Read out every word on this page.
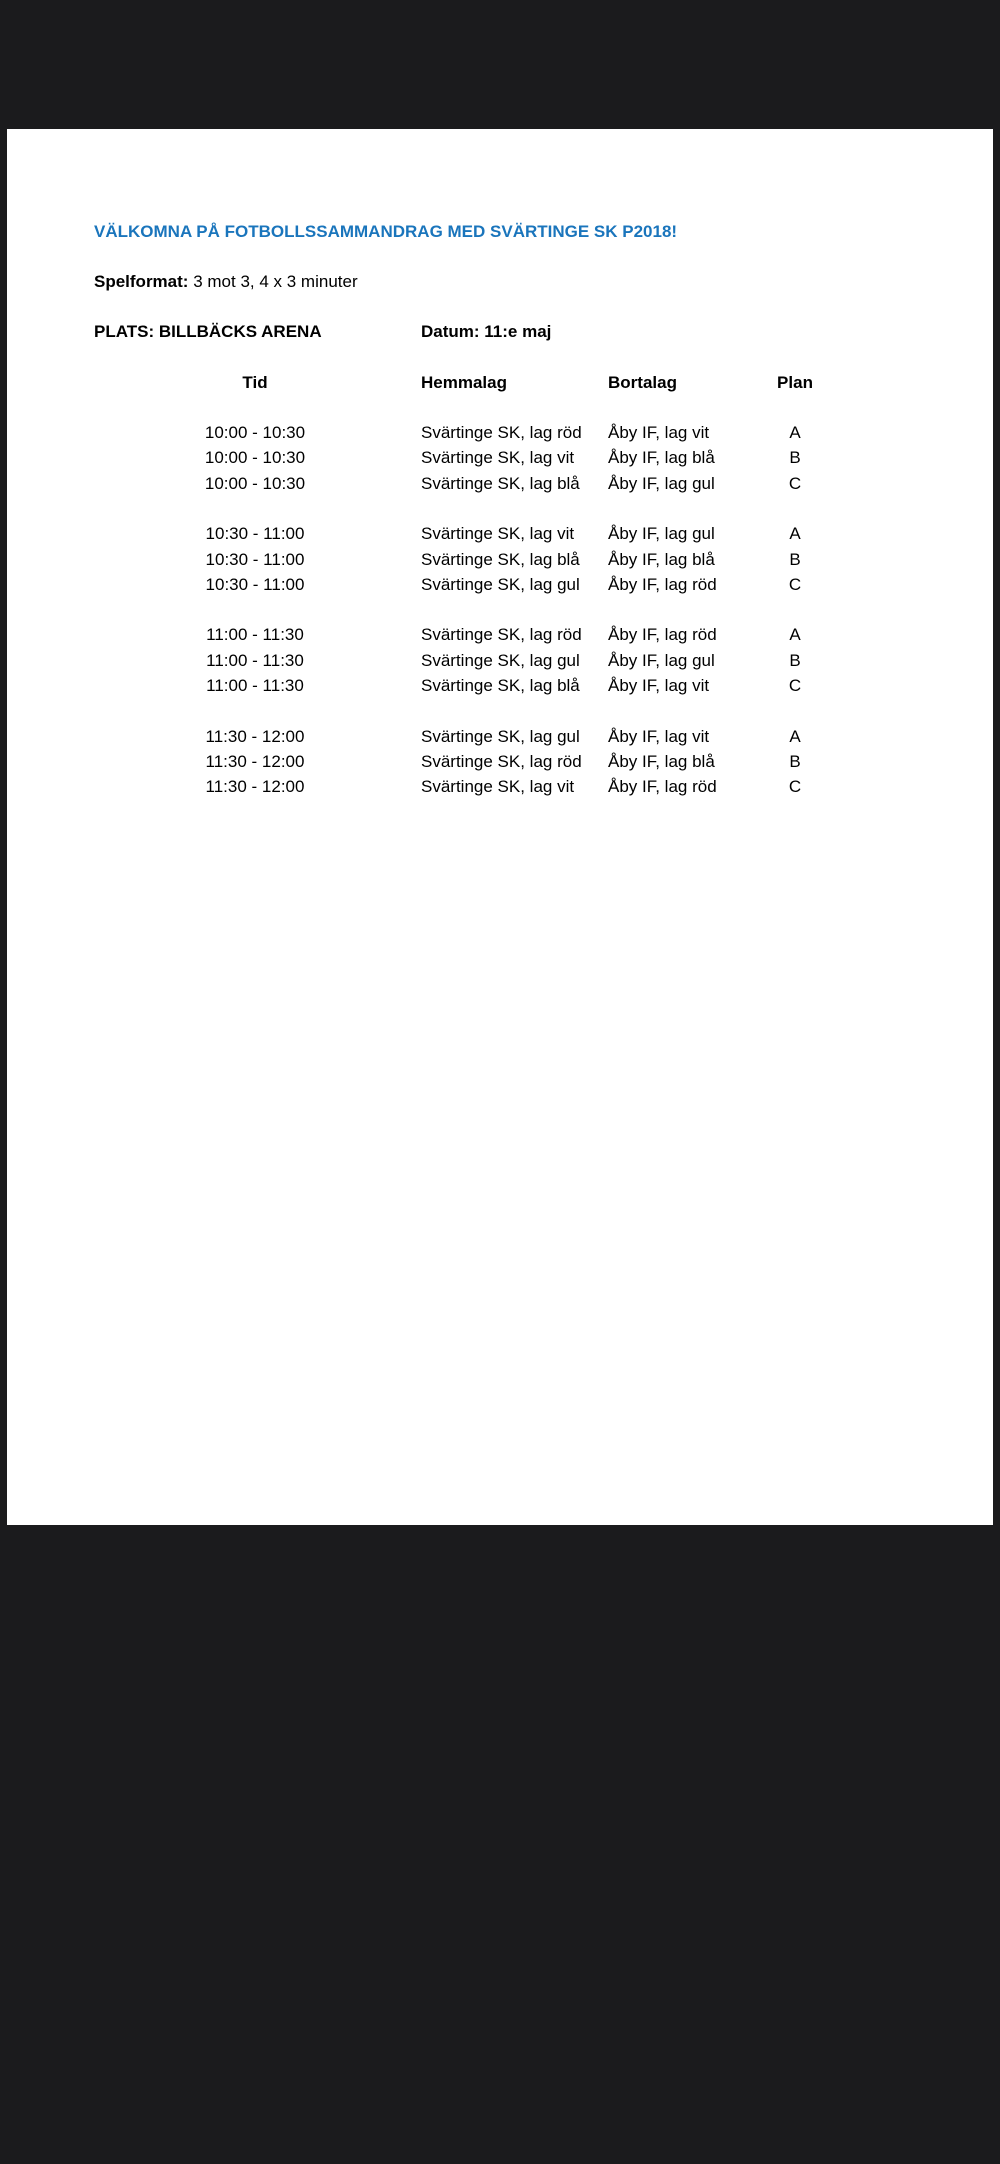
VÄLKOMNA PÅ FOTBOLLSSAMMANDRAG MED SVÄRTINGE SK P2018!
Spelformat: 3 mot 3, 4 x 3 minuter
PLATS: BILLBÄCKS ARENA	Datum: 11:e maj
Tid	Hemmalag	Bortalag	Plan
10:00 - 10:30	Svärtinge SK, lag röd Åby IF, lag vit	A
10:00 - 10:30	Svärtinge SK, lag vit Åby IF, lag blå	B
10:00 - 10:30	Svärtinge SK, lag blå Åby IF, lag gul	C
10:30 - 11:00	Svärtinge SK, lag vit Åby IF, lag gul	A
10:30 - 11:00	Svärtinge SK, lag blå Åby IF, lag blå	B
10:30 - 11:00	Svärtinge SK, lag gul Åby IF, lag röd	C
11:00 - 11:30	Svärtinge SK, lag röd Åby IF, lag röd	A
11:00 - 11:30	Svärtinge SK, lag gul Åby IF, lag gul	B
11:00 - 11:30	Svärtinge SK, lag blå Åby IF, lag vit	C
11:30 - 12:00	Svärtinge SK, lag gul Åby IF, lag vit	A
11:30 - 12:00	Svärtinge SK, lag röd Åby IF, lag blå	B
11:30 - 12:00	Svärtinge SK, lag vit Åby IF, lag röd	C
